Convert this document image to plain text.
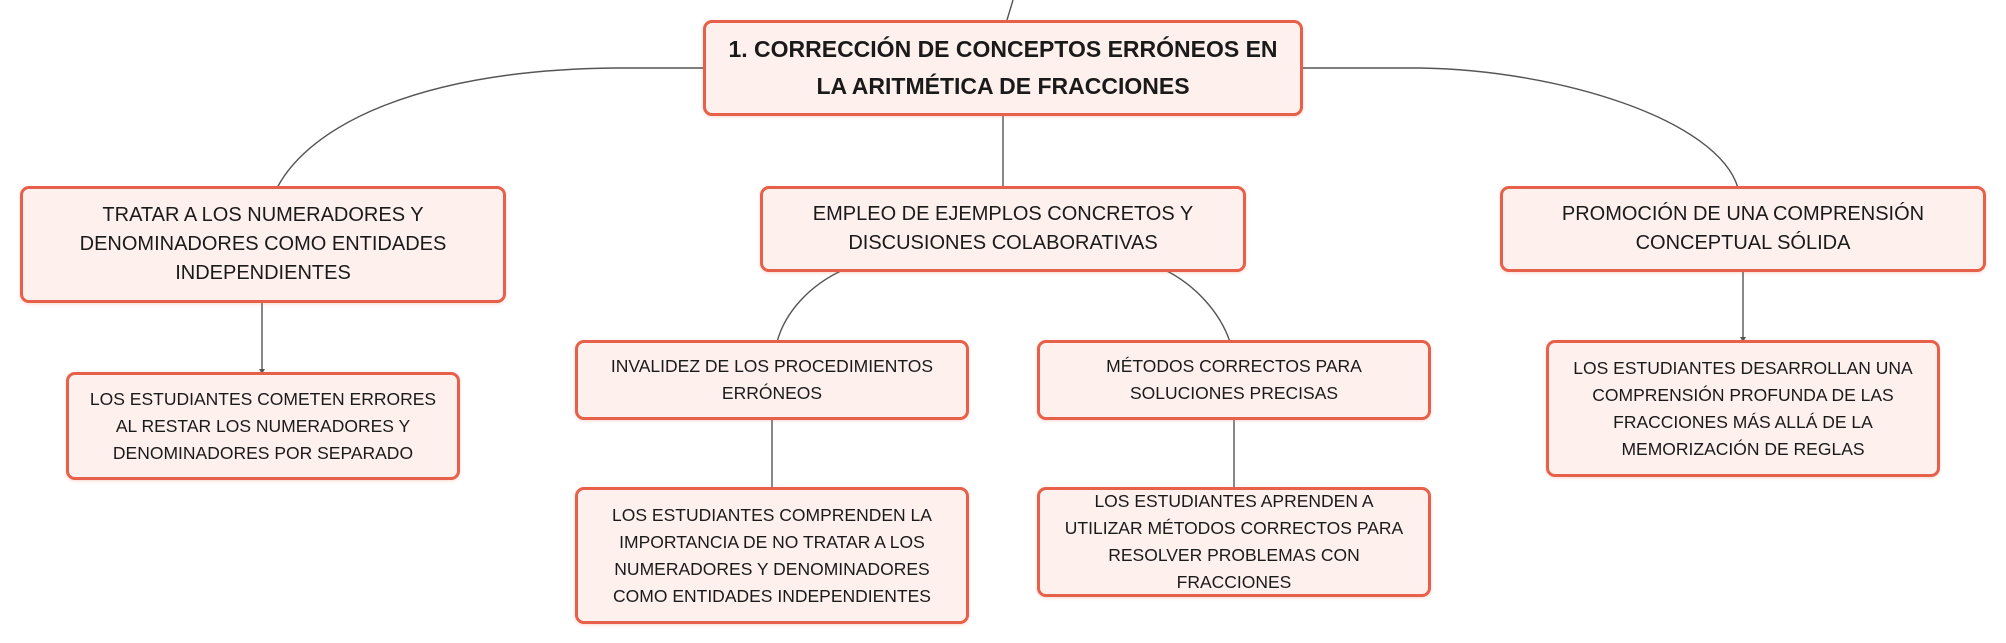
1. CORRECCIÓN DE CONCEPTOS ERRÓNEOS EN LA ARITMÉTICA DE FRACCIONES
TRATAR A LOS NUMERADORES Y DENOMINADORES COMO ENTIDADES INDEPENDIENTES
EMPLEO DE EJEMPLOS CONCRETOS Y DISCUSIONES COLABORATIVAS
PROMOCIÓN DE UNA COMPRENSIÓN CONCEPTUAL SÓLIDA
LOS ESTUDIANTES COMETEN ERRORES AL RESTAR LOS NUMERADORES Y DENOMINADORES POR SEPARADO
INVALIDEZ DE LOS PROCEDIMIENTOS ERRÓNEOS
MÉTODOS CORRECTOS PARA SOLUCIONES PRECISAS
LOS ESTUDIANTES COMPRENDEN LA IMPORTANCIA DE NO TRATAR A LOS NUMERADORES Y DENOMINADORES COMO ENTIDADES INDEPENDIENTES
LOS ESTUDIANTES APRENDEN A UTILIZAR MÉTODOS CORRECTOS PARA RESOLVER PROBLEMAS CON FRACCIONES
LOS ESTUDIANTES DESARROLLAN UNA COMPRENSIÓN PROFUNDA DE LAS FRACCIONES MÁS ALLÁ DE LA MEMORIZACIÓN DE REGLAS
